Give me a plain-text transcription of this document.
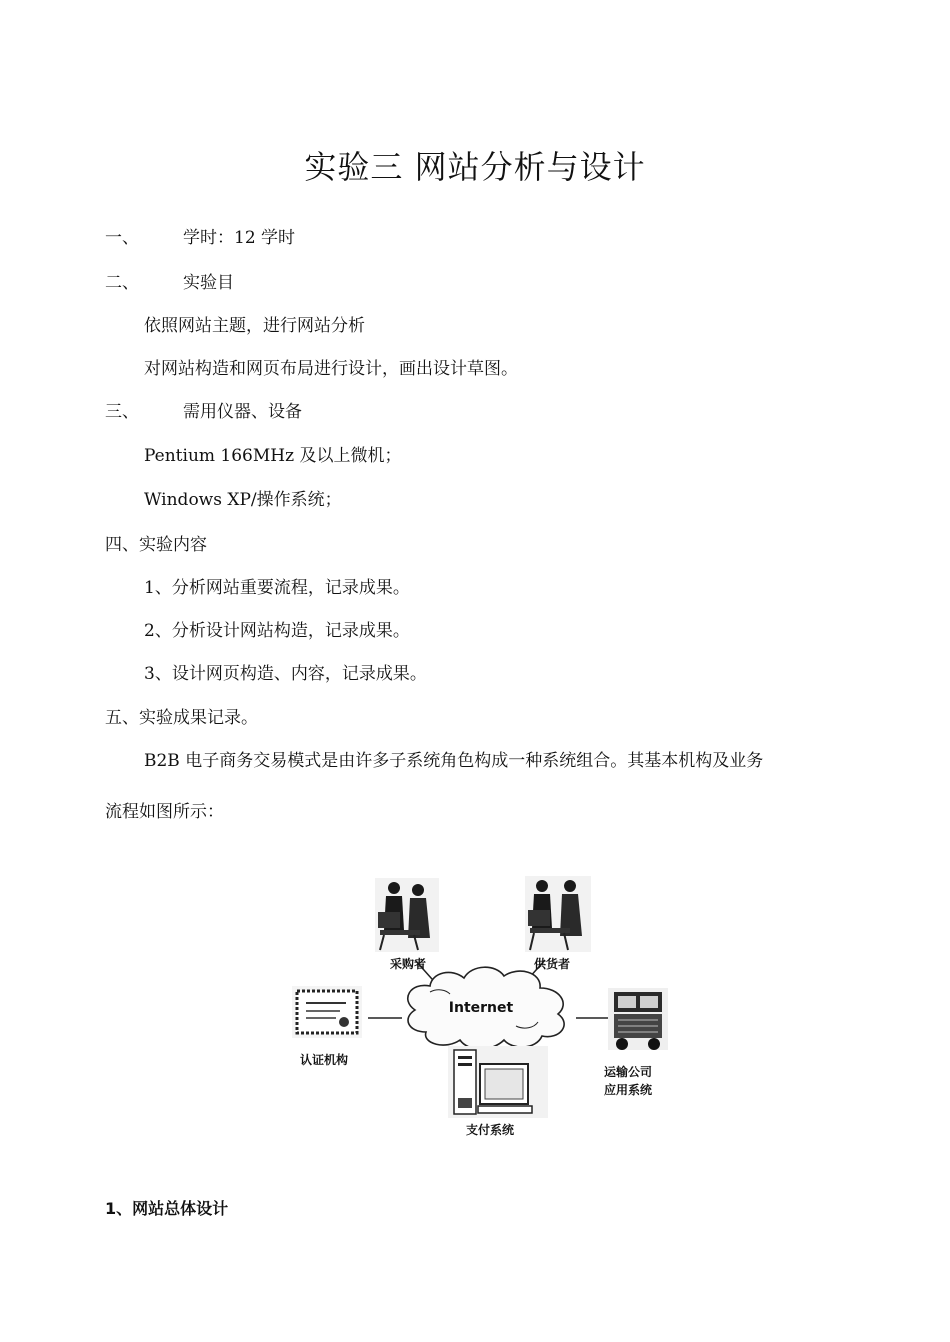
实验三 网站分析与设计
一、	学时：12 学时
二、	实验目
依照网站主题，进行网站分析
对网站构造和网页布局进行设计，画出设计草图。
三、	需用仪器、设备
Pentium 166MHz 及以上微机；
Windows XP/操作系统；
四、实验内容
1、分析网站重要流程，记录成果。
2、分析设计网站构造，记录成果。
3、设计网页构造、内容，记录成果。
五、实验成果记录。
B2B 电子商务交易模式是由许多子系统角色构成一种系统组合。其基本机构及业务
流程如图所示：
Internet
采购者	供货者
认证机构
运输公司
应用系统
支付系统
1、网站总体设计
